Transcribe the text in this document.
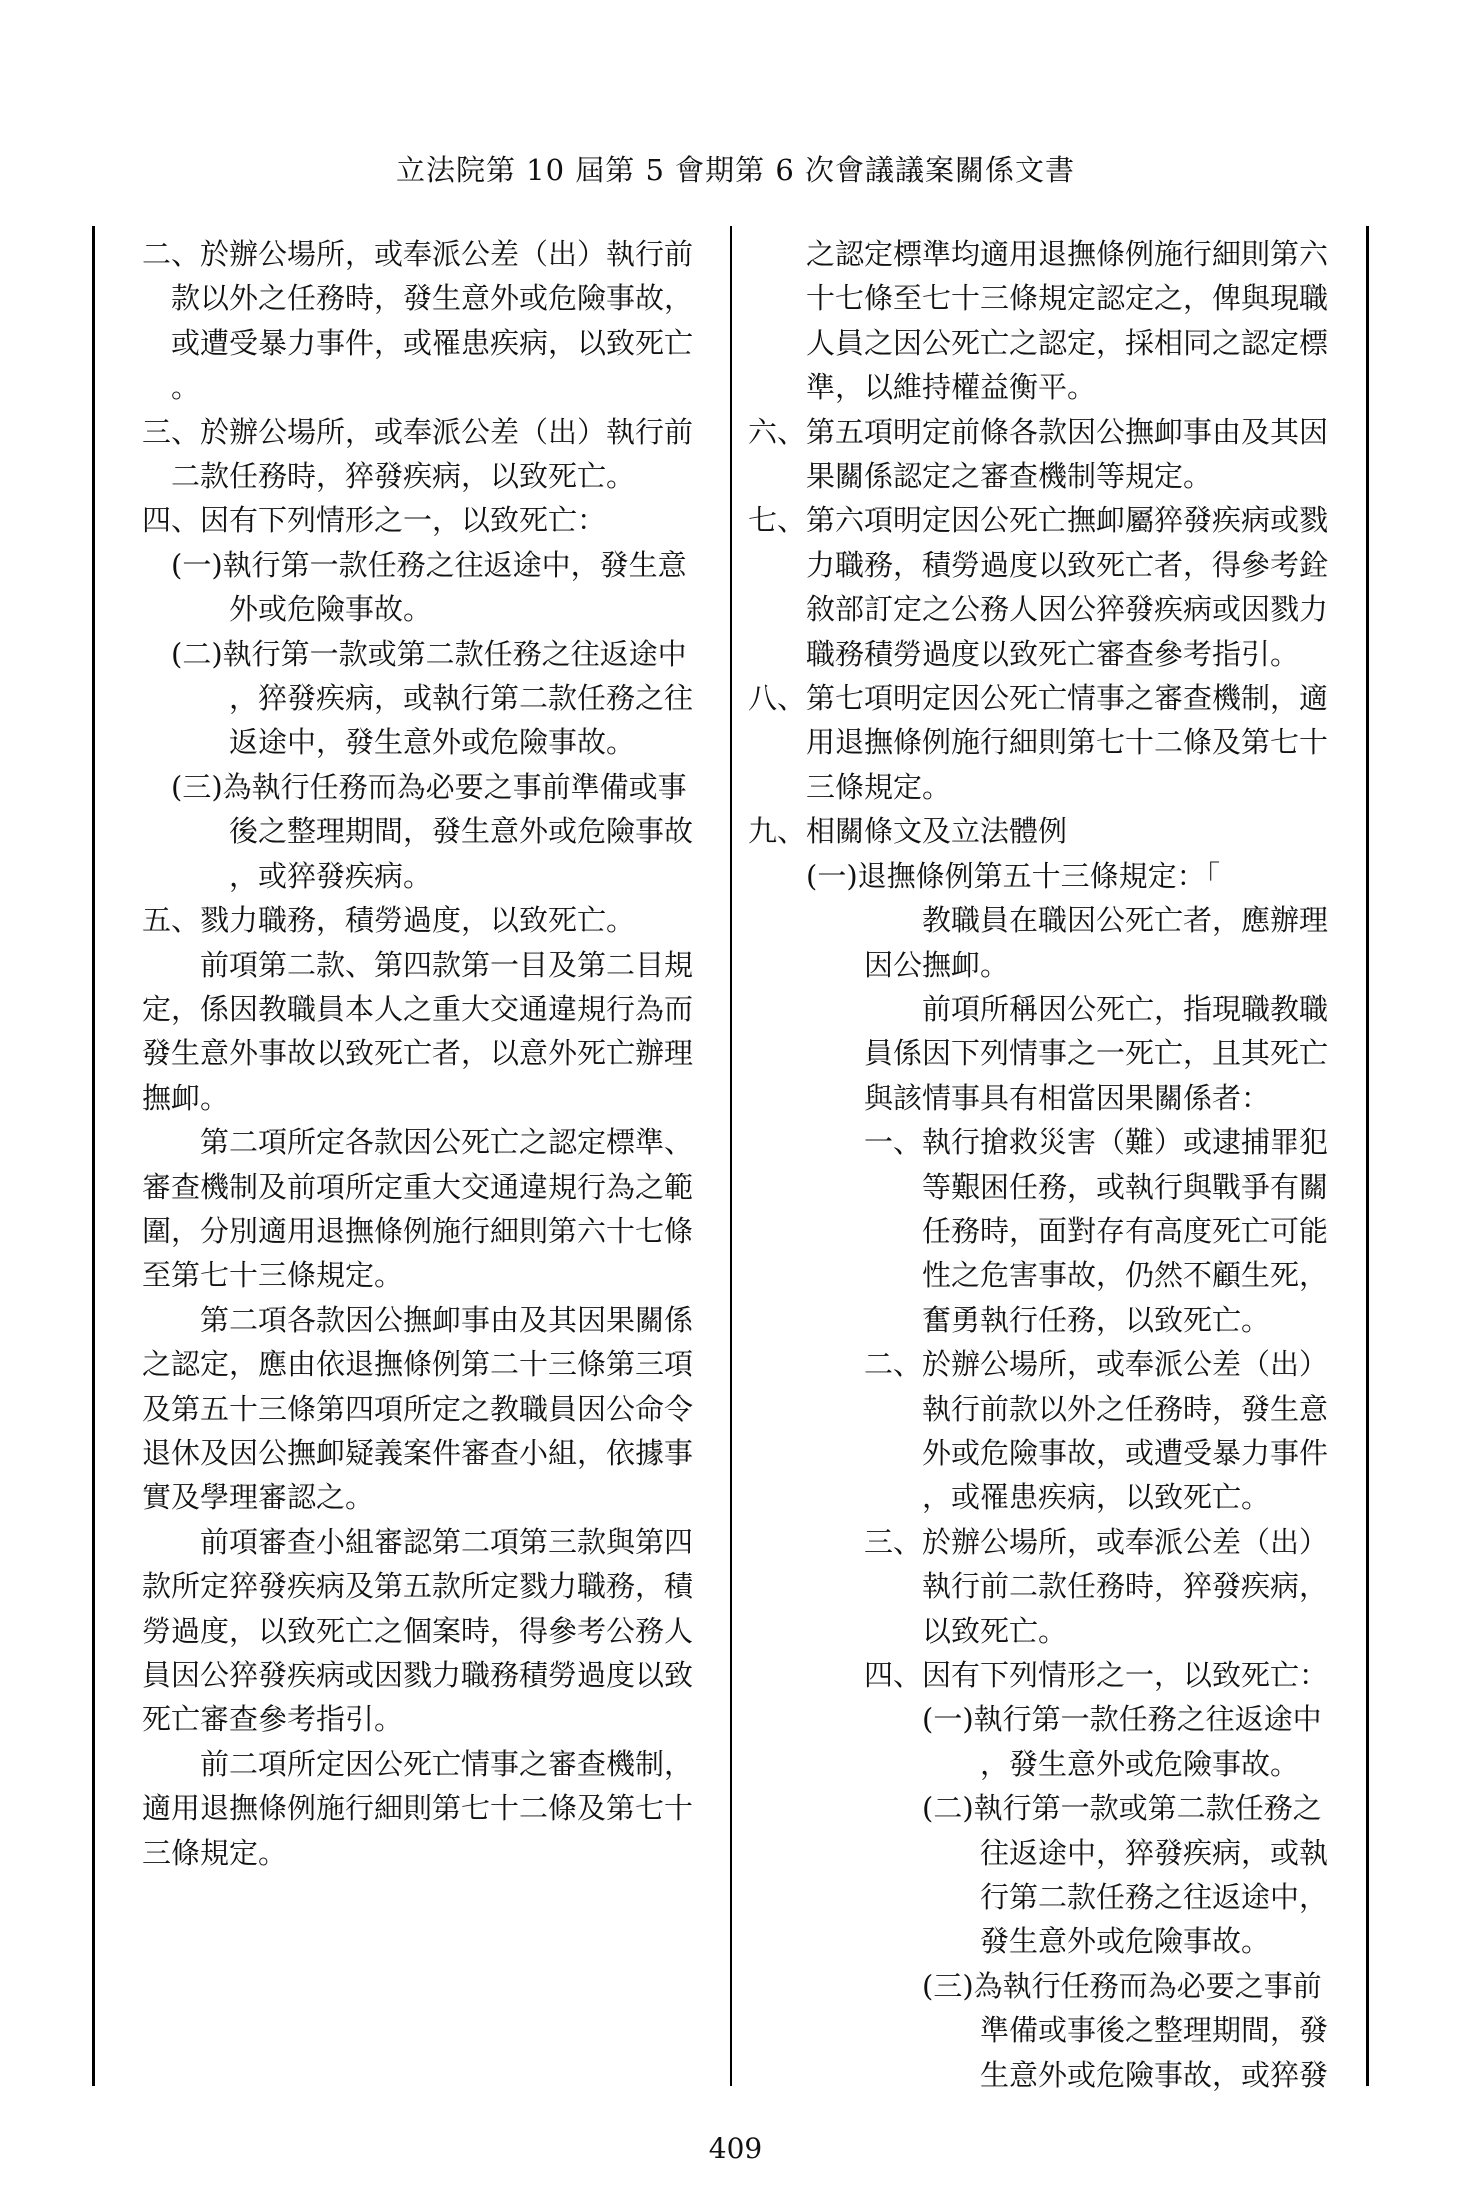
立法院第 10 屆第 5 會期第 6 次會議議案關係文書

二、於辦公場所，或奉派公差（出）執行前

款以外之任務時，發生意外或危險事故，

或遭受暴力事件，或罹患疾病，以致死亡

。

三、於辦公場所，或奉派公差（出）執行前

二款任務時，猝發疾病，以致死亡。

四、因有下列情形之一，以致死亡：

(一)執行第一款任務之往返途中，發生意

外或危險事故。

(二)執行第一款或第二款任務之往返途中

，猝發疾病，或執行第二款任務之往

返途中，發生意外或危險事故。

(三)為執行任務而為必要之事前準備或事

後之整理期間，發生意外或危險事故

，或猝發疾病。

五、戮力職務，積勞過度，以致死亡。

前項第二款、第四款第一目及第二目規

定，係因教職員本人之重大交通違規行為而

發生意外事故以致死亡者，以意外死亡辦理

撫卹。

第二項所定各款因公死亡之認定標準、

審查機制及前項所定重大交通違規行為之範

圍，分別適用退撫條例施行細則第六十七條

至第七十三條規定。

第二項各款因公撫卹事由及其因果關係

之認定，應由依退撫條例第二十三條第三項

及第五十三條第四項所定之教職員因公命令

退休及因公撫卹疑義案件審查小組，依據事

實及學理審認之。

前項審查小組審認第二項第三款與第四

款所定猝發疾病及第五款所定戮力職務，積

勞過度，以致死亡之個案時，得參考公務人

員因公猝發疾病或因戮力職務積勞過度以致

死亡審查參考指引。

前二項所定因公死亡情事之審查機制，

適用退撫條例施行細則第七十二條及第七十

三條規定。

之認定標準均適用退撫條例施行細則第六

十七條至七十三條規定認定之，俾與現職

人員之因公死亡之認定，採相同之認定標

準，以維持權益衡平。

六、第五項明定前條各款因公撫卹事由及其因

果關係認定之審查機制等規定。

七、第六項明定因公死亡撫卹屬猝發疾病或戮

力職務，積勞過度以致死亡者，得參考銓

敘部訂定之公務人因公猝發疾病或因戮力

職務積勞過度以致死亡審查參考指引。

八、第七項明定因公死亡情事之審查機制，適

用退撫條例施行細則第七十二條及第七十

三條規定。

九、相關條文及立法體例

(一)退撫條例第五十三條規定：「

教職員在職因公死亡者，應辦理

因公撫卹。

前項所稱因公死亡，指現職教職

員係因下列情事之一死亡，且其死亡

與該情事具有相當因果關係者：

一、執行搶救災害（難）或逮捕罪犯

等艱困任務，或執行與戰爭有關

任務時，面對存有高度死亡可能

性之危害事故，仍然不顧生死，

奮勇執行任務，以致死亡。

二、於辦公場所，或奉派公差（出）

執行前款以外之任務時，發生意

外或危險事故，或遭受暴力事件

，或罹患疾病，以致死亡。

三、於辦公場所，或奉派公差（出）

執行前二款任務時，猝發疾病，

以致死亡。

四、因有下列情形之一，以致死亡：

(一)執行第一款任務之往返途中

，發生意外或危險事故。

(二)執行第一款或第二款任務之

往返途中，猝發疾病，或執

行第二款任務之往返途中，

發生意外或危險事故。

(三)為執行任務而為必要之事前

準備或事後之整理期間，發

生意外或危險事故，或猝發

409
